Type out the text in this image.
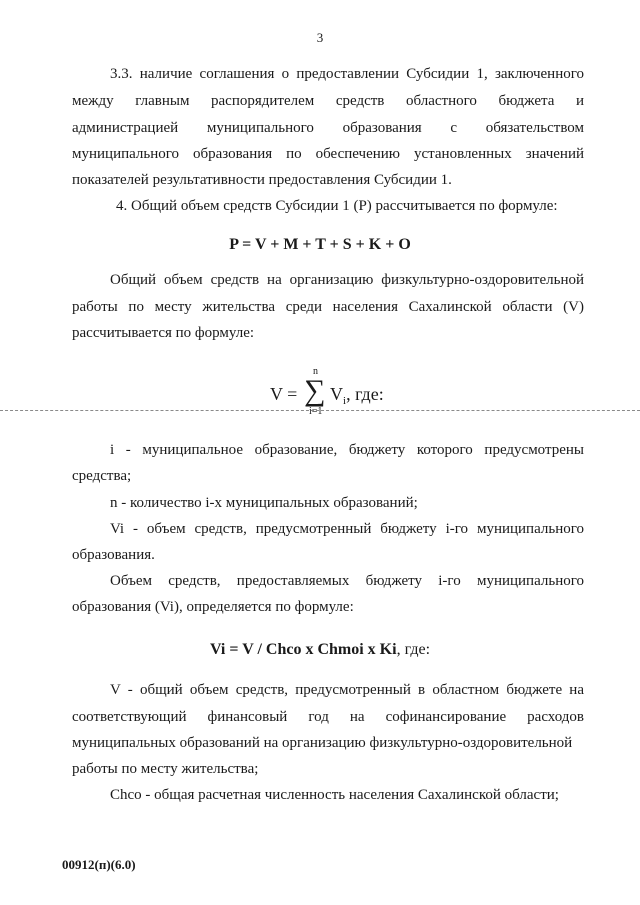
3
3.3. наличие соглашения о предоставлении Субсидии 1, заключенного
между главным распорядителем средств областного бюджета и
администрацией муниципального образования с обязательством
муниципального образования по обеспечению установленных значений
показателей результативности предоставления Субсидии 1.
4. Общий объем средств Субсидии 1 (P) рассчитывается по формуле:
P = V + M + T + S + K + O
Общий объем средств на организацию физкультурно-оздоровительной
работы по месту жительства среди населения Сахалинской области (V)
рассчитывается по формуле:
V =
n
∑
i=1
$V_i$, где:
i - муниципальное образование, бюджету которого предусмотрены
средства;
n - количество i-х муниципальных образований;
Vi - объем средств, предусмотренный бюджету i-го муниципального
образования.
Объем средств, предоставляемых бюджету i-го муниципального
образования (Vi), определяется по формуле:
Vi = V / Chco x Chmoi x Ki, где:
V - общий объем средств, предусмотренный в областном бюджете на
соответствующий финансовый год на софинансирование расходов
муниципальных образований на организацию физкультурно-оздоровительной
работы по месту жительства;
Chco - общая расчетная численность населения Сахалинской области;
00912(п)(6.0)
